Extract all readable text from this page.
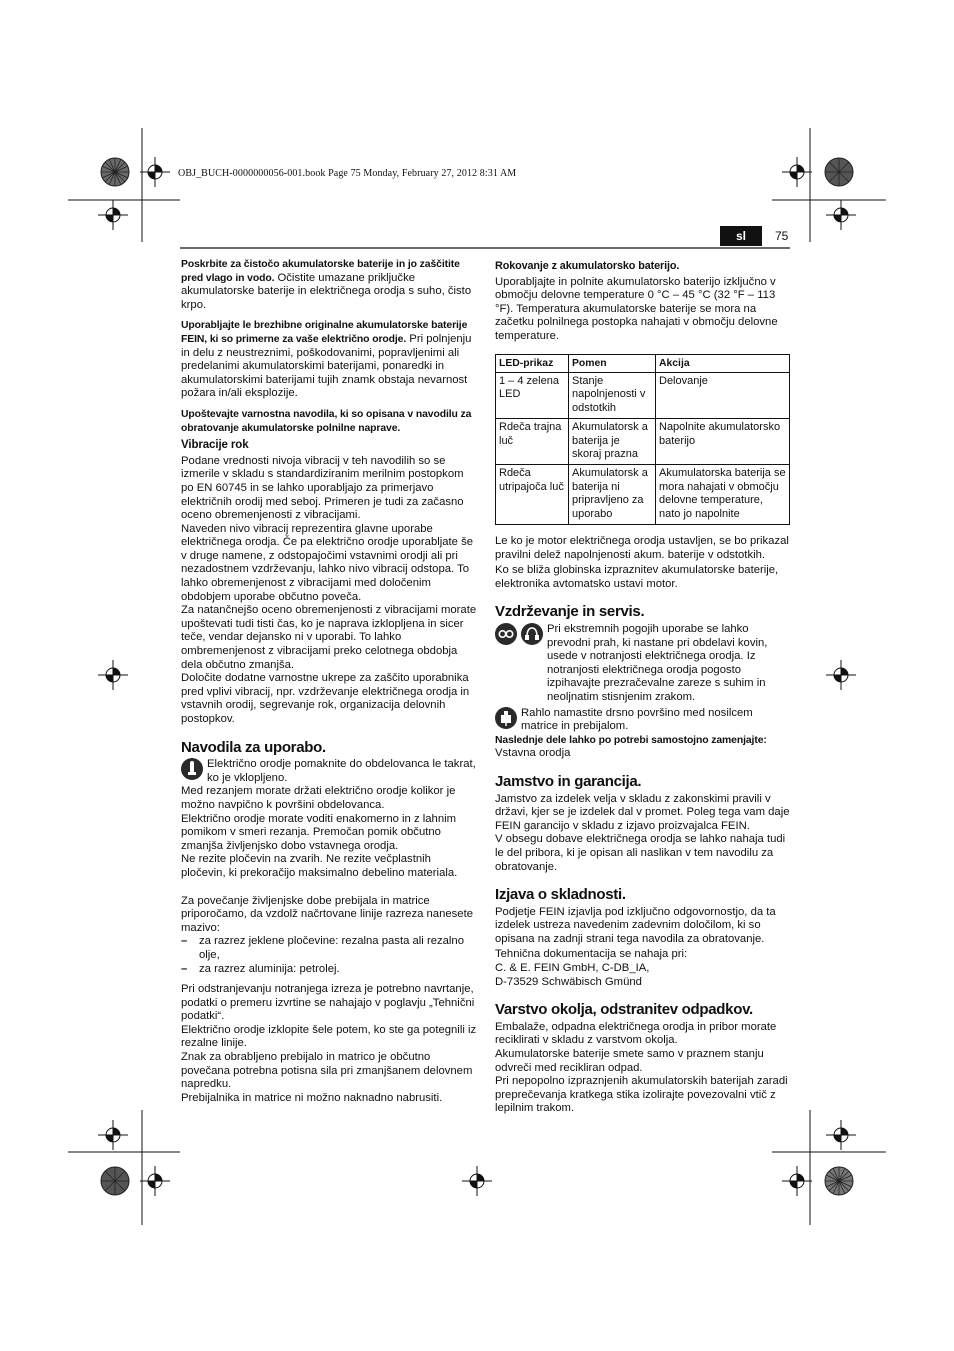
OBJ_BUCH-0000000056-001.book Page 75 Monday, February 27, 2012 8:31 AM
sl	75

Poskrbite za čistočo akumulatorske baterije in jo zaščitite pred vlago in vodo. Očistite umazane priključke akumulatorske baterije in električnega orodja s suho, čisto krpo.

Uporabljajte le brezhibne originalne akumulatorske baterije FEIN, ki so primerne za vaše električno orodje. Pri polnjenju in delu z neustreznimi, poškodovanimi, popravljenimi ali predelanimi akumulatorskimi baterijami, ponaredki in akumulatorskimi baterijami tujih znamk obstaja nevarnost požara in/ali eksplozije.

Upoštevajte varnostna navodila, ki so opisana v navodilu za obratovanje akumulatorske polnilne naprave.

Vibracije rok
Podane vrednosti nivoja vibracij v teh navodilih so se izmerile v skladu s standardiziranim merilnim postopkom po EN 60745 in se lahko uporabljajo za primerjavo električnih orodij med seboj. Primeren je tudi za začasno oceno obremenjenosti z vibracijami.
Naveden nivo vibracij reprezentira glavne uporabe električnega orodja. Če pa električno orodje uporabljate še v druge namene, z odstopajočimi vstavnimi orodji ali pri nezadostnem vzdrževanju, lahko nivo vibracij odstopa. To lahko obremenjenost z vibracijami med določenim obdobjem uporabe občutno poveča.
Za natančnejšo oceno obremenjenosti z vibracijami morate upoštevati tudi tisti čas, ko je naprava izklopljena in sicer teče, vendar dejansko ni v uporabi. To lahko ombremenjenost z vibracijami preko celotnega obdobja dela občutno zmanjša.
Določite dodatne varnostne ukrepe za zaščito uporabnika pred vplivi vibracij, npr. vzdrževanje električnega orodja in vstavnih orodij, segrevanje rok, organizacija delovnih postopkov.
Navodila za uporabo.
Električno orodje pomaknite do obdelovanca le takrat, ko je vklopljeno.
Med rezanjem morate držati električno orodje kolikor je možno navpično k površini obdelovanca.
Električno orodje morate voditi enakomerno in z lahnim pomikom v smeri rezanja. Premočan pomik občutno zmanjša življenjsko dobo vstavnega orodja.
Ne rezite pločevin na zvarih. Ne rezite večplastnih pločevin, ki prekoračijo maksimalno debelino materiala.
Za povečanje življenjske dobe prebijala in matrice priporočamo, da vzdolž načrtovane linije razreza nanesete mazivo:
–	za razrez jeklene pločevine: rezalna pasta ali rezalno olje,
–	za razrez aluminija: petrolej.
Pri odstranjevanju notranjega izreza je potrebno navrtanje, podatki o premeru izvrtine se nahajajo v poglavju „Tehnični podatki“.
Električno orodje izklopite šele potem, ko ste ga potegnili iz rezalne linije.
Znak za obrabljeno prebijalo in matrico je občutno povečana potrebna potisna sila pri zmanjšanem delovnem napredku.
Prebijalnika in matrice ni možno naknadno nabrusiti.
Rokovanje z akumulatorsko baterijo.
Uporabljajte in polnite akumulatorsko baterijo izključno v območju delovne temperature 0 °C – 45 °C (32 °F – 113 °F). Temperatura akumulatorske baterije se mora na začetku polnilnega postopka nahajati v območju delovne temperature.
LED-prikaz	Pomen	Akcija
1 – 4 zelena LED	Stanje napolnjenosti v odstotkih	Delovanje
Rdeča trajna luč	Akumulatorsk a baterija je skoraj prazna	Napolnite akumulatorsko baterijo
Rdeča utripajoča luč	Akumulatorsk a baterija ni pripravljeno za uporabo	Akumulatorska baterija se mora nahajati v območju delovne temperature, nato jo napolnite
Le ko je motor električnega orodja ustavljen, se bo prikazal pravilni delež napolnjenosti akum. baterije v odstotkih.
Ko se bliža globinska izpraznitev akumulatorske baterije, elektronika avtomatsko ustavi motor.
Vzdrževanje in servis.
Pri ekstremnih pogojih uporabe se lahko prevodni prah, ki nastane pri obdelavi kovin, usede v notranjosti električnega orodja. Iz notranjosti električnega orodja pogosto izpihavajte prezračevalne zareze s suhim in neoljnatim stisnjenim zrakom.
Rahlo namastite drsno površino med nosilcem matrice in prebijalom.
Naslednje dele lahko po potrebi samostojno zamenjajte:
Vstavna orodja
Jamstvo in garancija.
Jamstvo za izdelek velja v skladu z zakonskimi pravili v državi, kjer se je izdelek dal v promet. Poleg tega vam daje FEIN garancijo v skladu z izjavo proizvajalca FEIN.
V obsegu dobave električnega orodja se lahko nahaja tudi le del pribora, ki je opisan ali naslikan v tem navodilu za obratovanje.
Izjava o skladnosti.
Podjetje FEIN izjavlja pod izključno odgovornostjo, da ta izdelek ustreza navedenim zadevnim določilom, ki so opisana na zadnji strani tega navodila za obratovanje.
Tehnična dokumentacija se nahaja pri:
C. & E. FEIN GmbH, C-DB_IA,
D-73529 Schwäbisch Gmünd
Varstvo okolja, odstranitev odpadkov.
Embalaže, odpadna električnega orodja in pribor morate reciklirati v skladu z varstvom okolja.
Akumulatorske baterije smete samo v praznem stanju odvreči med recikliran odpad.
Pri nepopolno izpraznjenih akumulatorskih baterijah zaradi preprečevanja kratkega stika izolirajte povezovalni vtič z lepilnim trakom.
